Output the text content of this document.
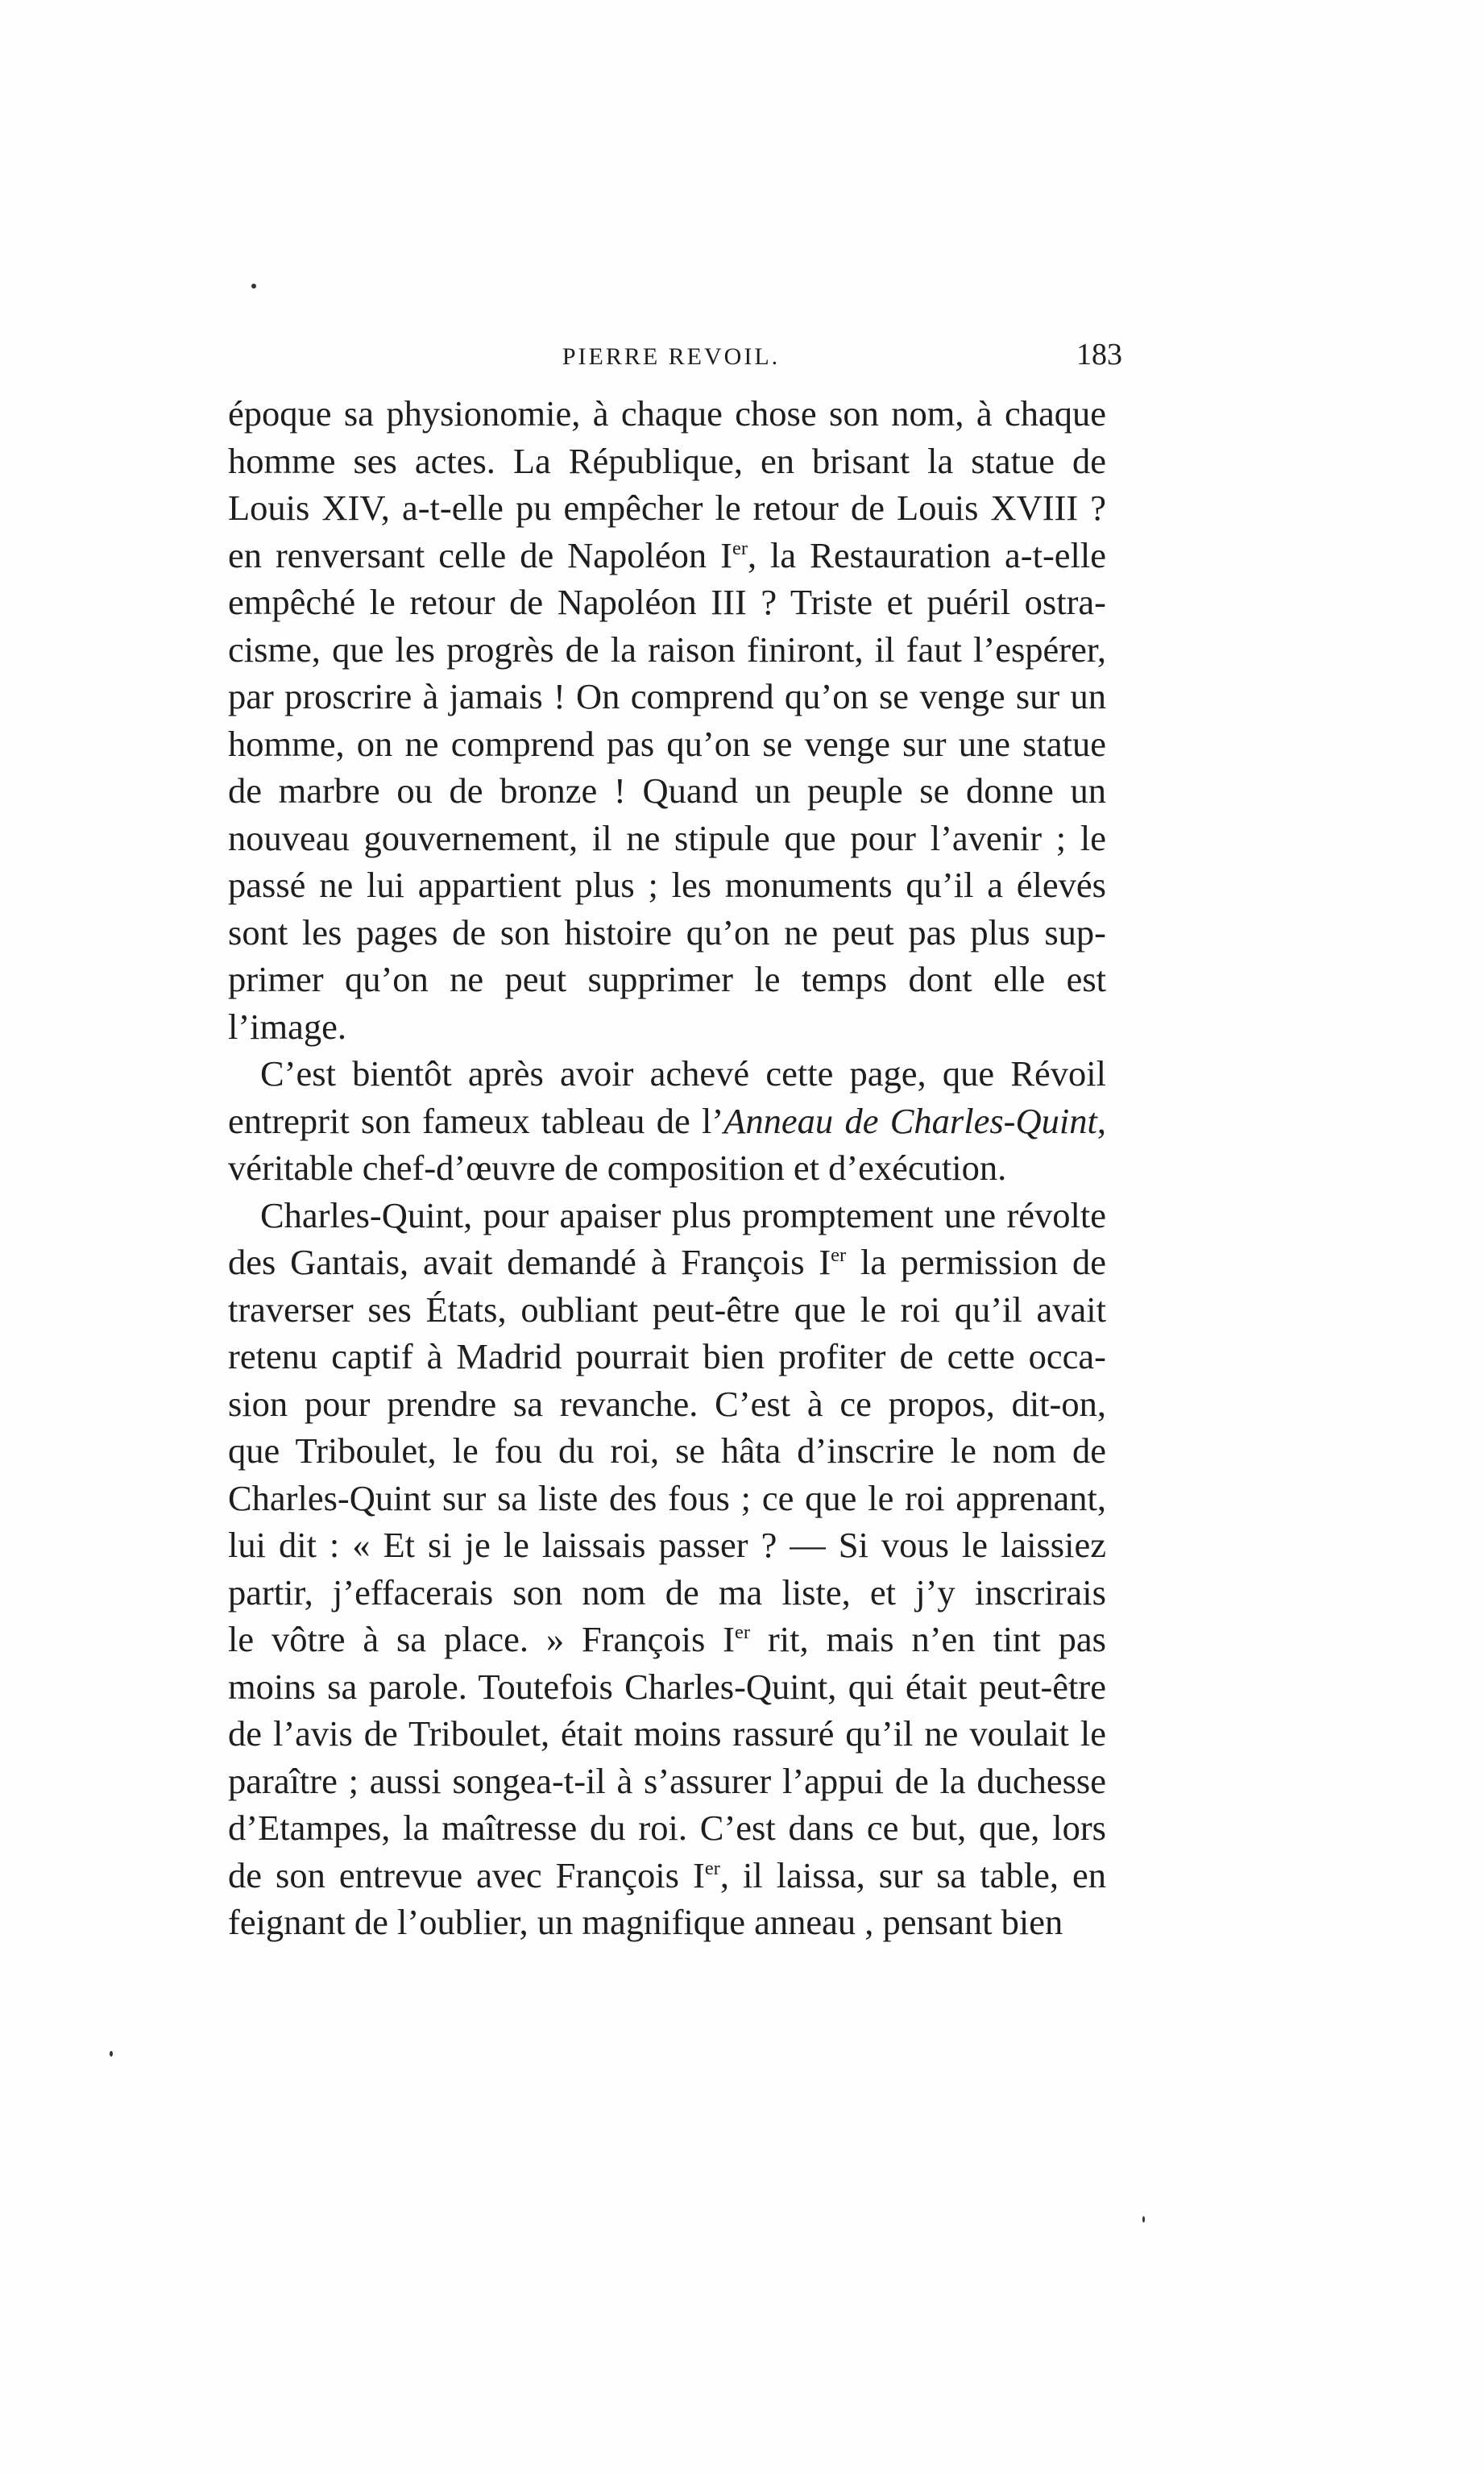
PIERRE REVOIL.	183
époque sa physionomie, à chaque chose son nom, à chaque
homme ses actes. La République, en brisant la statue de
Louis XIV, a-t-elle pu empêcher le retour de Louis XVIII ?
en renversant celle de Napoléon Ier, la Restauration a-t-elle
empêché le retour de Napoléon III ? Triste et puéril ostra-
cisme, que les progrès de la raison finiront, il faut l’espérer,
par proscrire à jamais ! On comprend qu’on se venge sur un
homme, on ne comprend pas qu’on se venge sur une statue
de marbre ou de bronze ! Quand un peuple se donne un
nouveau gouvernement, il ne stipule que pour l’avenir ; le
passé ne lui appartient plus ; les monuments qu’il a élevés
sont les pages de son histoire qu’on ne peut pas plus sup-
primer qu’on ne peut supprimer le temps dont elle est
l’image.
C’est bientôt après avoir achevé cette page, que Révoil
entreprit son fameux tableau de l’Anneau de Charles-Quint,
véritable chef-d’œuvre de composition et d’exécution.
Charles-Quint, pour apaiser plus promptement une révolte
des Gantais, avait demandé à François Ier la permission de
traverser ses États, oubliant peut-être que le roi qu’il avait
retenu captif à Madrid pourrait bien profiter de cette occa-
sion pour prendre sa revanche. C’est à ce propos, dit-on,
que Triboulet, le fou du roi, se hâta d’inscrire le nom de
Charles-Quint sur sa liste des fous ; ce que le roi apprenant,
lui dit : « Et si je le laissais passer ? — Si vous le laissiez
partir, j’effacerais son nom de ma liste, et j’y inscrirais
le vôtre à sa place. » François Ier rit, mais n’en tint pas
moins sa parole. Toutefois Charles-Quint, qui était peut-être
de l’avis de Triboulet, était moins rassuré qu’il ne voulait le
paraître ; aussi songea-t-il à s’assurer l’appui de la duchesse
d’Etampes, la maîtresse du roi. C’est dans ce but, que, lors
de son entrevue avec François Ier, il laissa, sur sa table, en
feignant de l’oublier, un magnifique anneau , pensant bien
